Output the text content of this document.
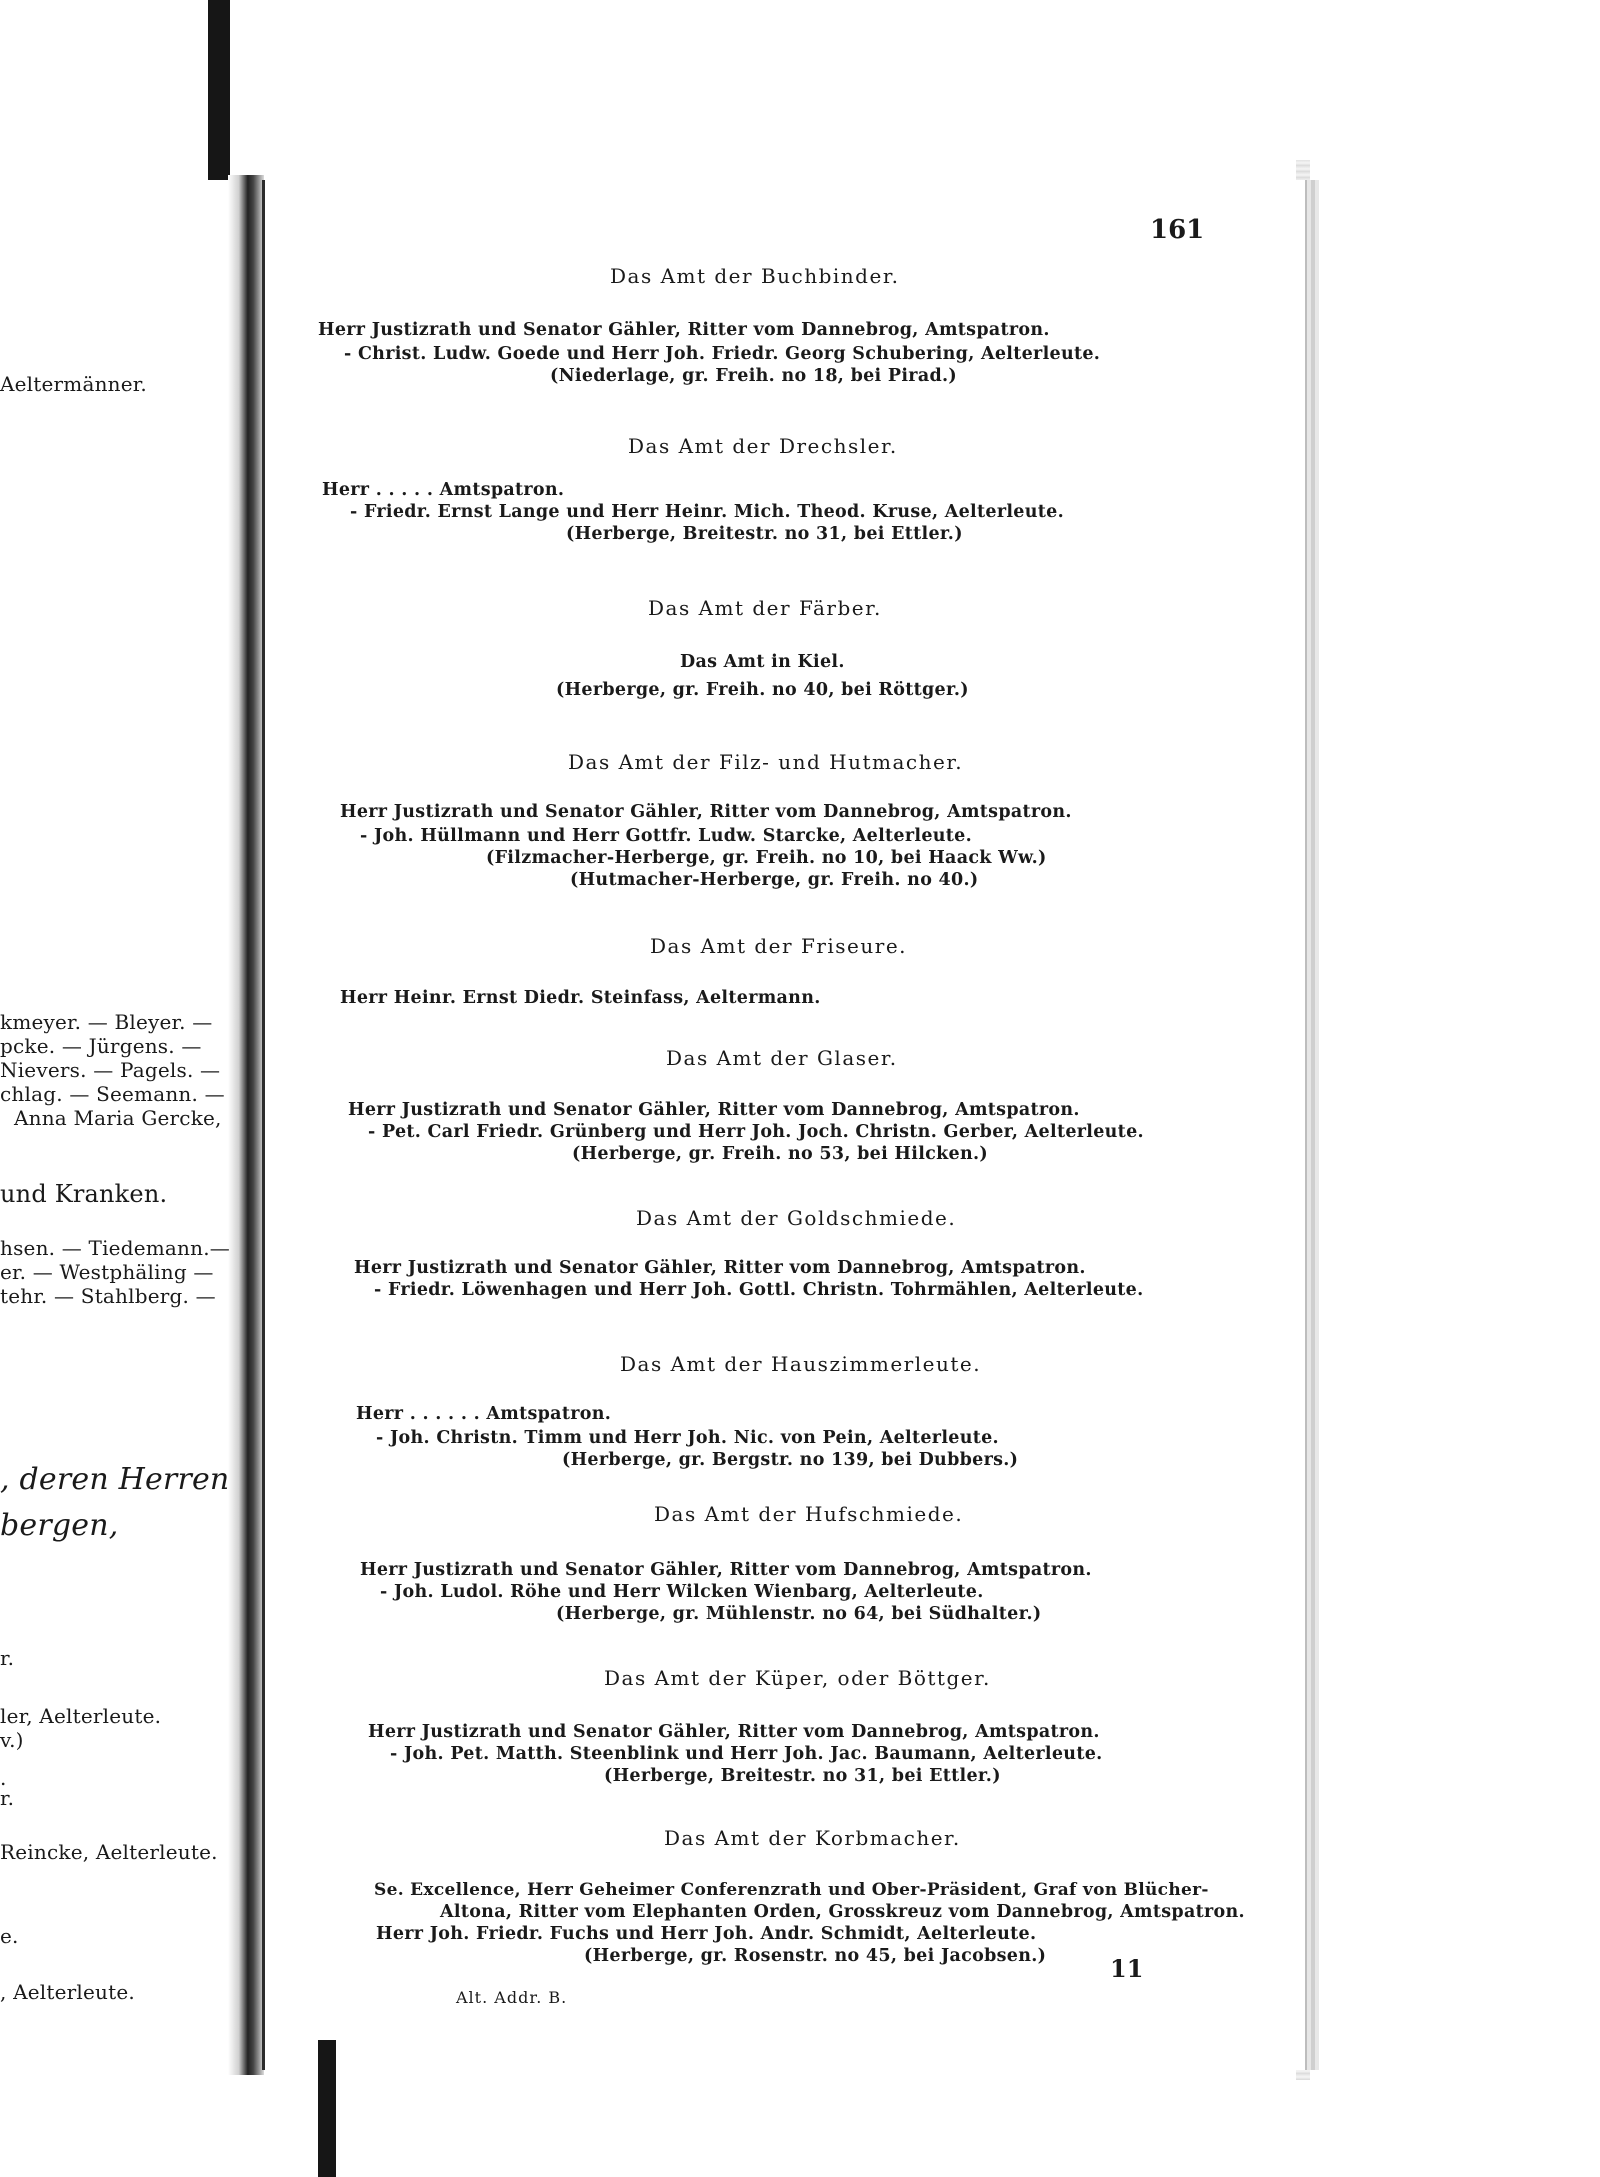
Aeltermänner.
kmeyer. — Bleyer. —
pcke. — Jürgens. —
Nievers. — Pagels. —
chlag. — Seemann. —
Anna Maria Gercke,
und Kranken.
hsen. — Tiedemann.—
er. — Westphäling —
tehr. — Stahlberg. —
, deren Herren
bergen,
r.
ler, Aelterleute.
v.)
.
r.
Reincke, Aelterleute.
e.
, Aelterleute.
161
Das Amt der Buchbinder.
Herr Justizrath und Senator Gähler, Ritter vom Dannebrog, Amtspatron.
- Christ. Ludw. Goede und Herr Joh. Friedr. Georg Schubering, Aelterleute.
(Niederlage, gr. Freih. no 18, bei Pirad.)
Das Amt der Drechsler.
Herr . . . . . Amtspatron.
- Friedr. Ernst Lange und Herr Heinr. Mich. Theod. Kruse, Aelterleute.
(Herberge, Breitestr. no 31, bei Ettler.)
Das Amt der Färber.
Das Amt in Kiel.
(Herberge, gr. Freih. no 40, bei Röttger.)
Das Amt der Filz- und Hutmacher.
Herr Justizrath und Senator Gähler, Ritter vom Dannebrog, Amtspatron.
- Joh. Hüllmann und Herr Gottfr. Ludw. Starcke, Aelterleute.
(Filzmacher-Herberge, gr. Freih. no 10, bei Haack Ww.)
(Hutmacher-Herberge, gr. Freih. no 40.)
Das Amt der Friseure.
Herr Heinr. Ernst Diedr. Steinfass, Aeltermann.
Das Amt der Glaser.
Herr Justizrath und Senator Gähler, Ritter vom Dannebrog, Amtspatron.
- Pet. Carl Friedr. Grünberg und Herr Joh. Joch. Christn. Gerber, Aelterleute.
(Herberge, gr. Freih. no 53, bei Hilcken.)
Das Amt der Goldschmiede.
Herr Justizrath und Senator Gähler, Ritter vom Dannebrog, Amtspatron.
- Friedr. Löwenhagen und Herr Joh. Gottl. Christn. Tohrmählen, Aelterleute.
Das Amt der Hauszimmerleute.
Herr . . . . . . Amtspatron.
- Joh. Christn. Timm und Herr Joh. Nic. von Pein, Aelterleute.
(Herberge, gr. Bergstr. no 139, bei Dubbers.)
Das Amt der Hufschmiede.
Herr Justizrath und Senator Gähler, Ritter vom Dannebrog, Amtspatron.
- Joh. Ludol. Röhe und Herr Wilcken Wienbarg, Aelterleute.
(Herberge, gr. Mühlenstr. no 64, bei Südhalter.)
Das Amt der Küper, oder Böttger.
Herr Justizrath und Senator Gähler, Ritter vom Dannebrog, Amtspatron.
- Joh. Pet. Matth. Steenblink und Herr Joh. Jac. Baumann, Aelterleute.
(Herberge, Breitestr. no 31, bei Ettler.)
Das Amt der Korbmacher.
Se. Excellence, Herr Geheimer Conferenzrath und Ober-Präsident, Graf von Blücher-
Altona, Ritter vom Elephanten Orden, Grosskreuz vom Dannebrog, Amtspatron.
Herr Joh. Friedr. Fuchs und Herr Joh. Andr. Schmidt, Aelterleute.
(Herberge, gr. Rosenstr. no 45, bei Jacobsen.)
Alt. Addr. B.
11
